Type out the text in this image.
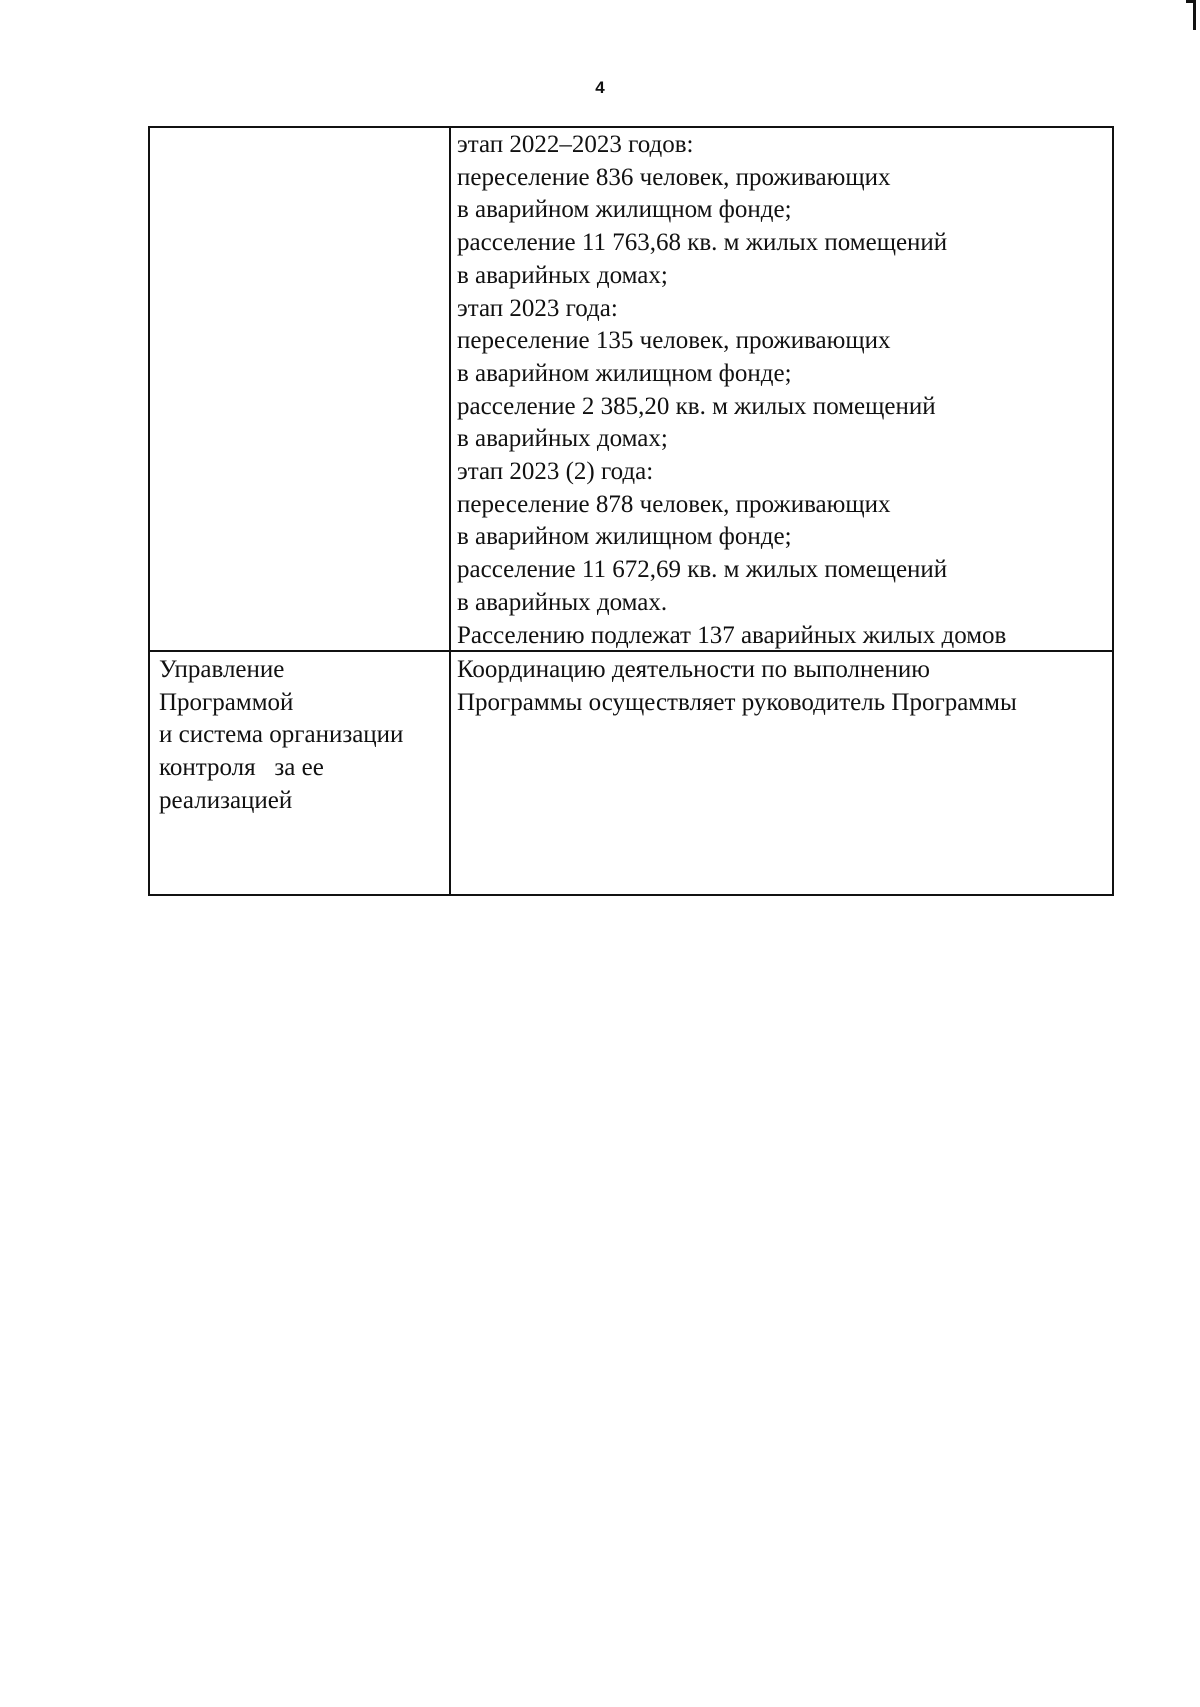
4
этап 2022–2023 годов:
переселение 836 человек, проживающих
в аварийном жилищном фонде;
расселение 11 763,68 кв. м жилых помещений
в аварийных домах;
этап 2023 года:
переселение 135 человек, проживающих
в аварийном жилищном фонде;
расселение 2 385,20 кв. м жилых помещений
в аварийных домах;
этап 2023 (2) года:
переселение 878 человек, проживающих
в аварийном жилищном фонде;
расселение 11 672,69 кв. м жилых помещений
в аварийных домах.
Расселению подлежат 137 аварийных жилых домов
Управление
Программой
и система организации
контроля   за ее
реализацией
Координацию деятельности по выполнению
Программы осуществляет руководитель Программы
